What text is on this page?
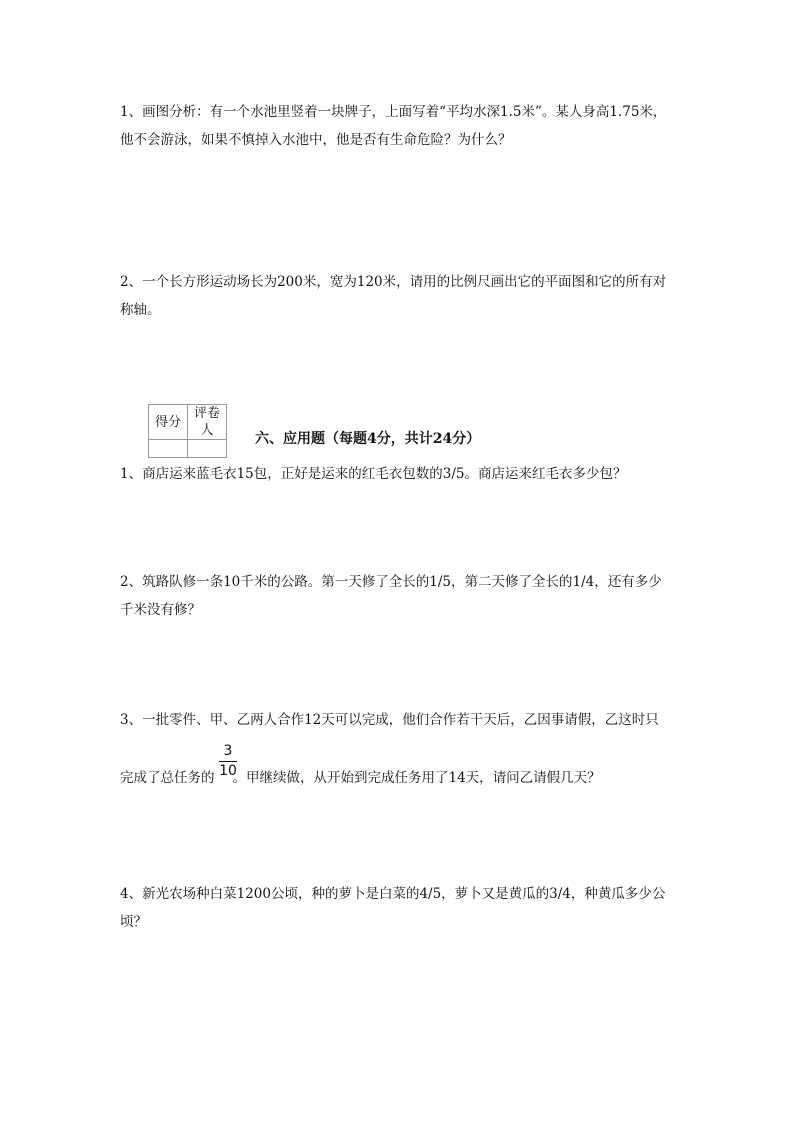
1、画图分析：有一个水池里竖着一块牌子，上面写着“平均水深1.5米”。某人身高1.75米，
他不会游泳，如果不慎掉入水池中，他是否有生命危险？为什么？
2、一个长方形运动场长为200米，宽为120米，请用的比例尺画出它的平面图和它的所有对
称轴。
得分	评卷人

六、应用题（每题4分，共计24分）
1、商店运来蓝毛衣15包，正好是运来的红毛衣包数的3/5。商店运来红毛衣多少包？
2、筑路队修一条10千米的公路。第一天修了全长的1/5，第二天修了全长的1/4，还有多少
千米没有修？
3、一批零件、甲、乙两人合作12天可以完成，他们合作若干天后，乙因事请假，乙这时只
完成了总任务的 。甲继续做，从开始到完成任务用了14天，请问乙请假几天？
3
10
4、新光农场种白菜1200公顷，种的萝卜是白菜的4/5，萝卜又是黄瓜的3/4，种黄瓜多少公
顷？
